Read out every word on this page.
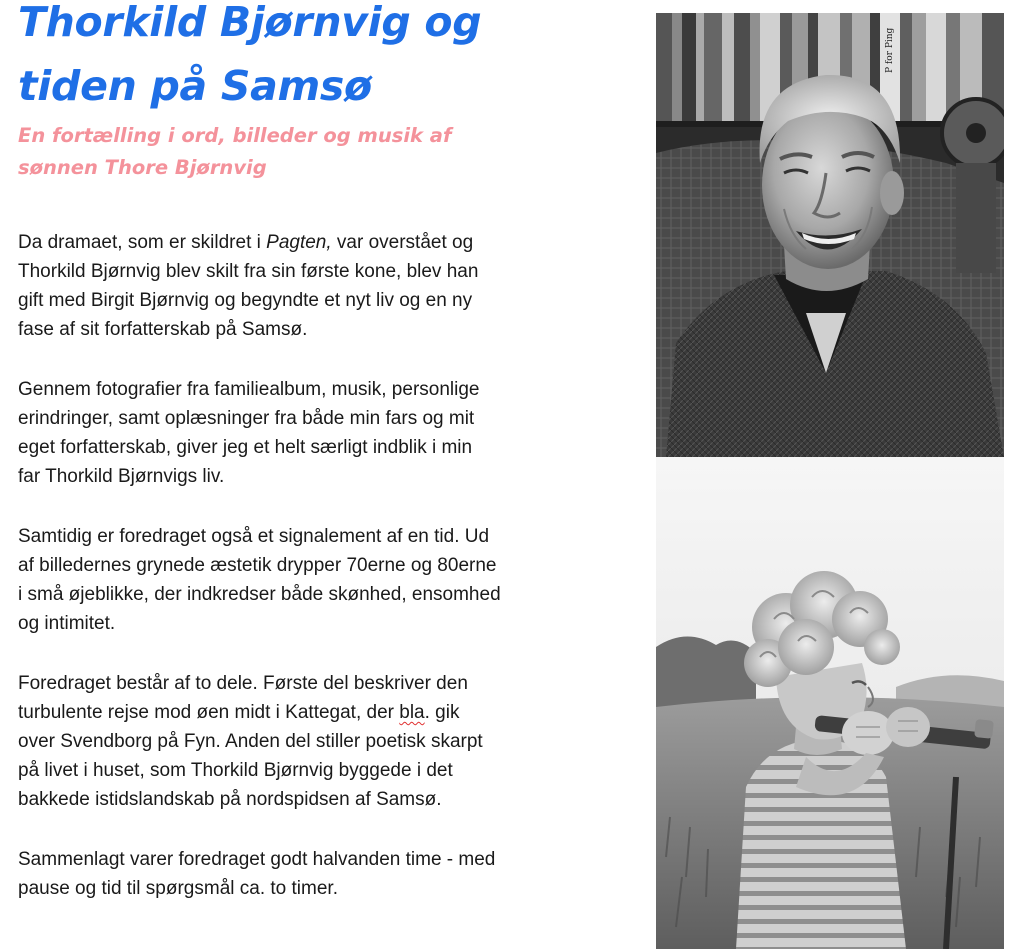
Thorkild Bjørnvig og
tiden på Samsø
En fortælling i ord, billeder og musik af
sønnen Thore Bjørnvig

Da dramaet, som er skildret i Pagten, var overstået og
Thorkild Bjørnvig blev skilt fra sin første kone, blev han
gift med Birgit Bjørnvig og begyndte et nyt liv og en ny
fase af sit forfatterskab på Samsø.

Gennem fotografier fra familiealbum, musik, personlige
erindringer, samt oplæsninger fra både min fars og mit
eget forfatterskab, giver jeg et helt særligt indblik i min
far Thorkild Bjørnvigs liv.

Samtidig er foredraget også et signalement af en tid. Ud
af billedernes grynede æstetik drypper 70erne og 80erne
i små øjeblikke, der indkredser både skønhed, ensomhed
og intimitet.

Foredraget består af to dele. Første del beskriver den
turbulente rejse mod øen midt i Kattegat, der bla. gik
over Svendborg på Fyn. Anden del stiller poetisk skarpt
på livet i huset, som Thorkild Bjørnvig byggede i det
bakkede istidslandskab på nordspidsen af Samsø.

Sammenlagt varer foredraget godt halvanden time - med
pause og tid til spørgsmål ca. to timer.

P for Ping
